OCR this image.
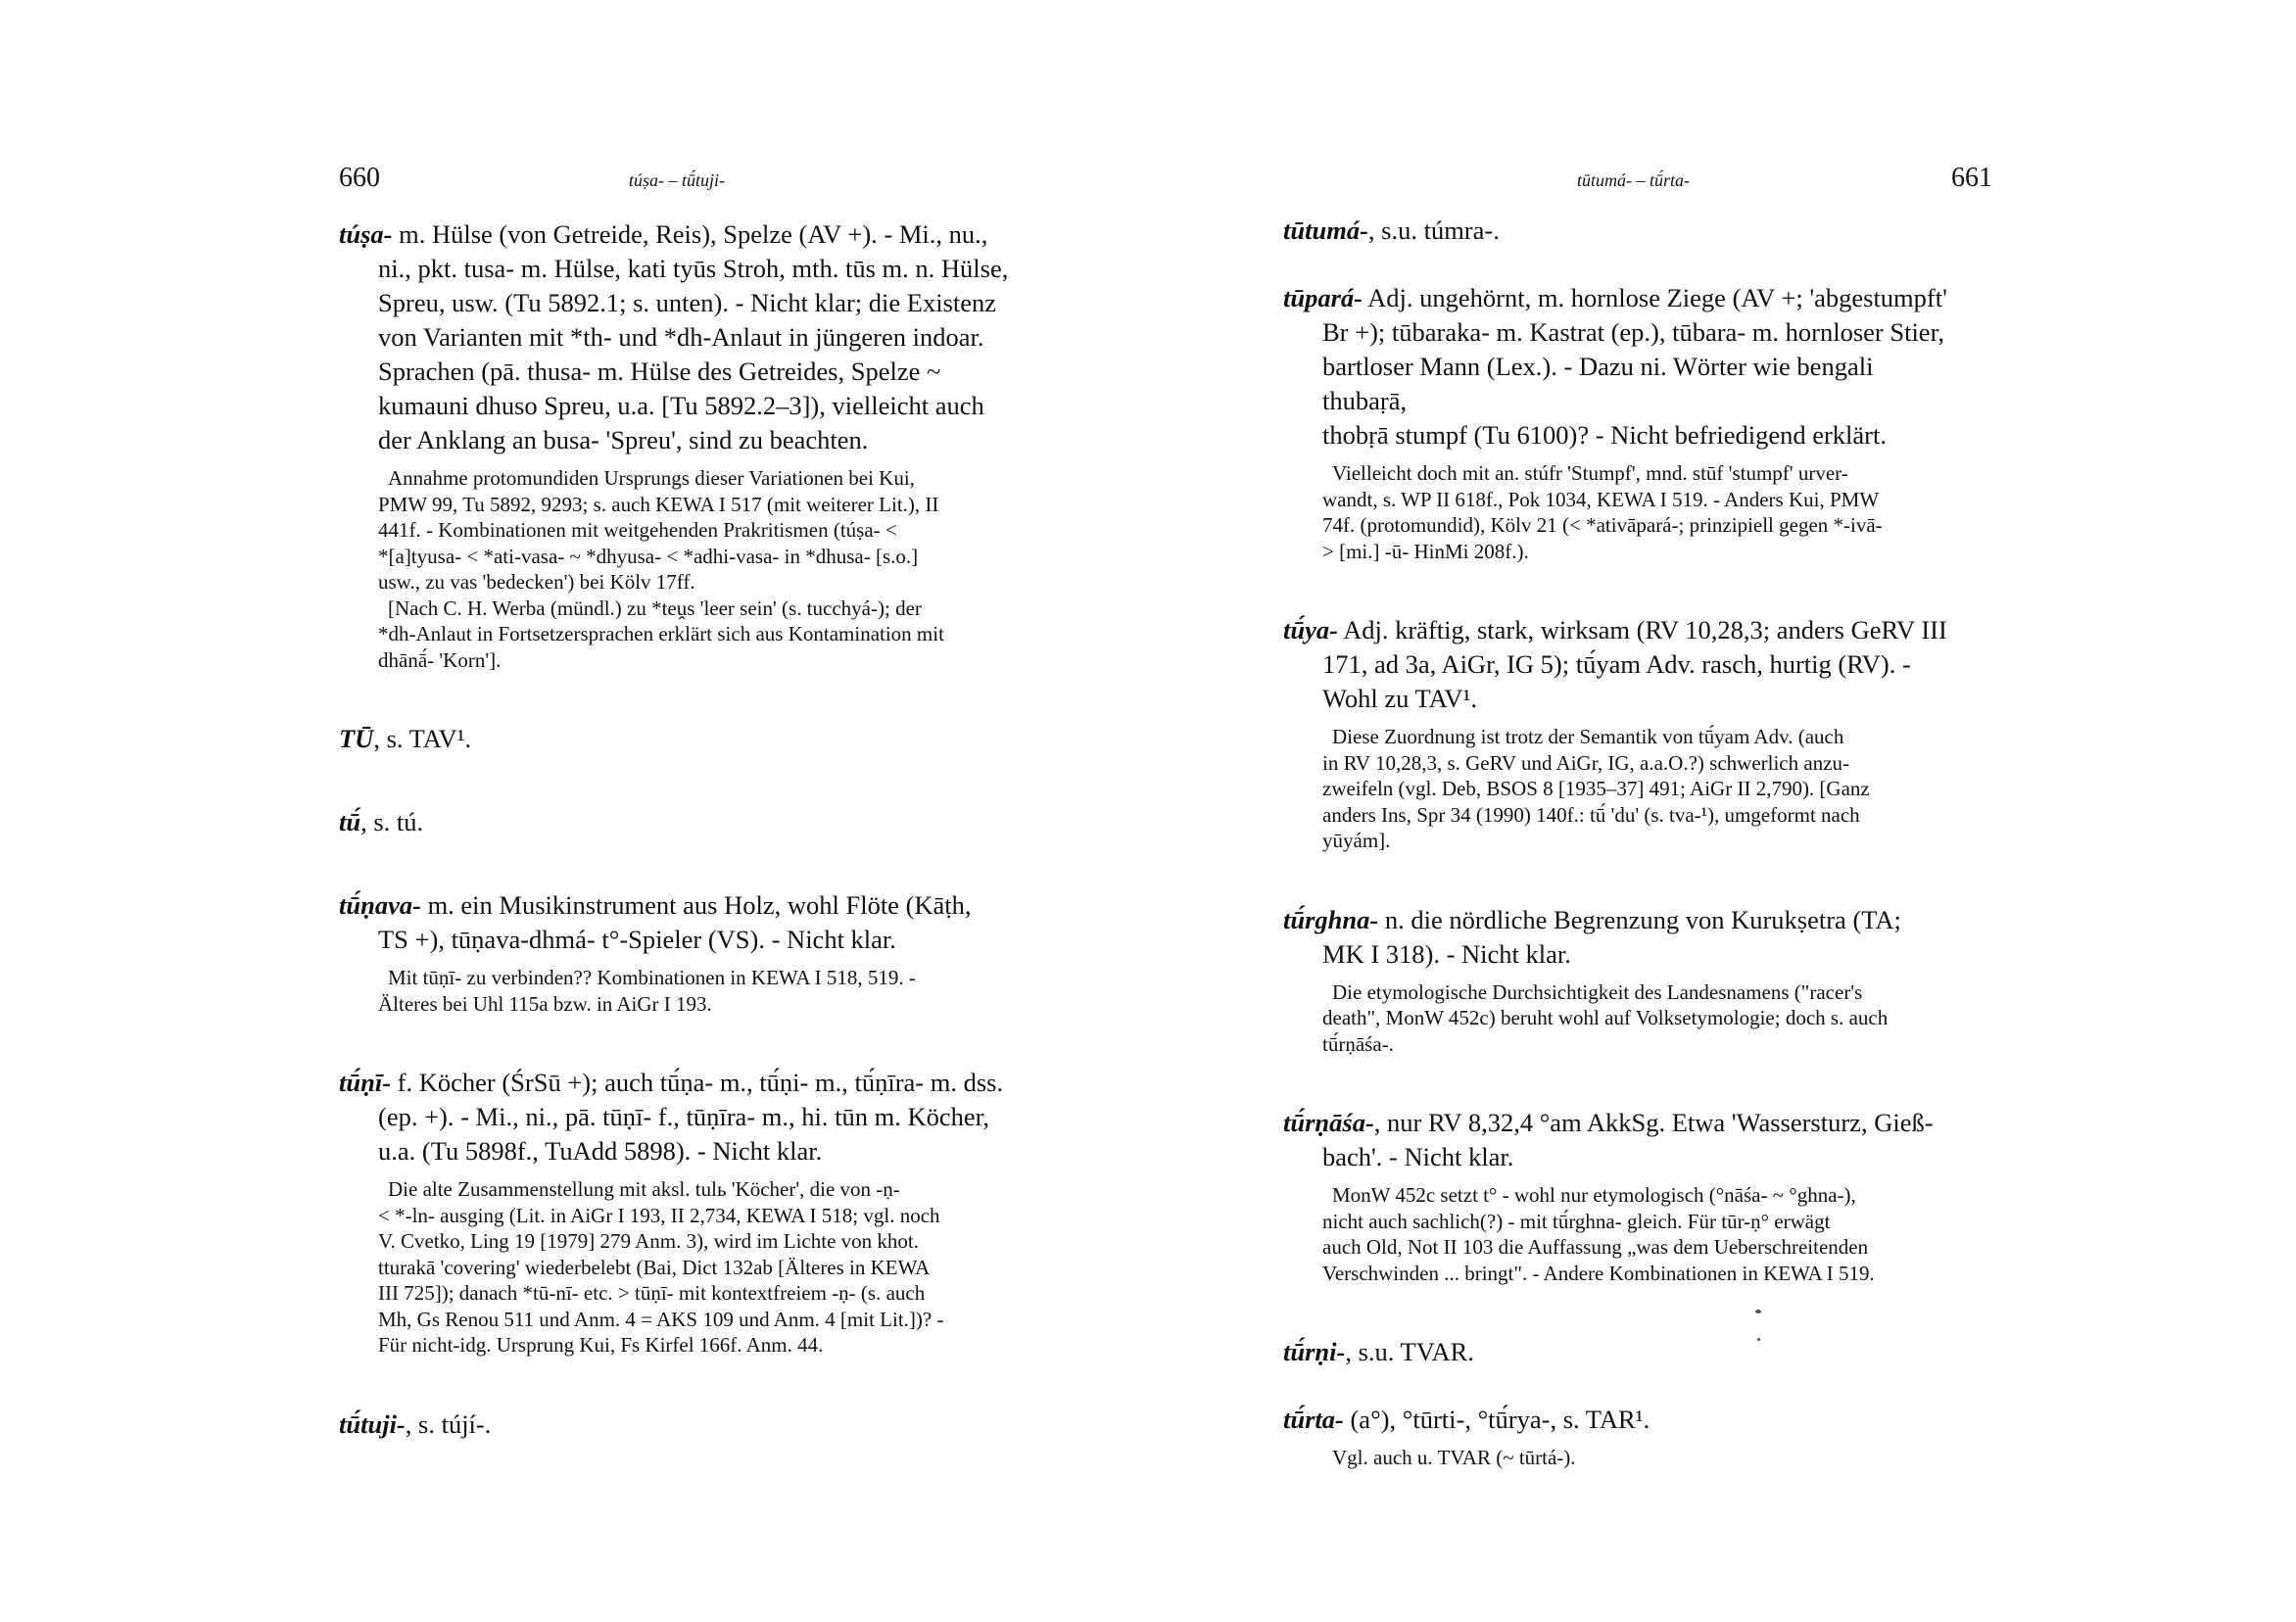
660	túṣa- – tū́tuji-
túṣa- m. Hülse (von Getreide, Reis), Spelze (AV +). - Mi., nu.,
ni., pkt. tusa- m. Hülse, kati tyūs Stroh, mth. tūs m. n. Hülse,
Spreu, usw. (Tu 5892.1; s. unten). - Nicht klar; die Existenz
von Varianten mit *th- und *dh-Anlaut in jüngeren indoar.
Sprachen (pā. thusa- m. Hülse des Getreides, Spelze ~
kumauni dhuso Spreu, u.a. [Tu 5892.2–3]), vielleicht auch
der Anklang an busa- 'Spreu', sind zu beachten.

Annahme protomundiden Ursprungs dieser Variationen bei Kui,

PMW 99, Tu 5892, 9293; s. auch KEWA I 517 (mit weiterer Lit.), II
441f. - Kombinationen mit weitgehenden Prakritismen (túṣa- <
*[a]tyusa- < *ati-vasa- ~ *dhyusa- < *adhi-vasa- in *dhusa- [s.o.]
usw., zu vas 'bedecken') bei Kölv 17ff.

[Nach C. H. Werba (mündl.) zu *teṷs 'leer sein' (s. tucchyá-); der

*dh-Anlaut in Fortsetzersprachen erklärt sich aus Kontamination mit
dhānā́- 'Korn'].
TŪ, s. TAV¹.
tū́, s. tú.
tū́ṇava- m. ein Musikinstrument aus Holz, wohl Flöte (Kāṭh,
TS +), tūṇava-dhmá- t°-Spieler (VS). - Nicht klar.

Mit tūṇī- zu verbinden?? Kombinationen in KEWA I 518, 519. -

Älteres bei Uhl 115a bzw. in AiGr I 193.
tū́ṇī- f. Köcher (ŚrSū +); auch tū́ṇa- m., tū́ṇi- m., tū́ṇīra- m. dss.
(ep. +). - Mi., ni., pā. tūṇī- f., tūṇīra- m., hi. tūn m. Köcher,
u.a. (Tu 5898f., TuAdd 5898). - Nicht klar.

Die alte Zusammenstellung mit aksl. tulь 'Köcher', die von -ṇ-

< *-ln- ausging (Lit. in AiGr I 193, II 2,734, KEWA I 518; vgl. noch
V. Cvetko, Ling 19 [1979] 279 Anm. 3), wird im Lichte von khot.
tturakā 'covering' wiederbelebt (Bai, Dict 132ab [Älteres in KEWA
III 725]); danach *tū-nī- etc. > tūṇī- mit kontextfreiem -ṇ- (s. auch
Mh, Gs Renou 511 und Anm. 4 = AKS 109 und Anm. 4 [mit Lit.])? -
Für nicht-idg. Ursprung Kui, Fs Kirfel 166f. Anm. 44.
tū́tuji-, s. tújí-.
tūtumá- – tū́rta-	661
tūtumá-, s.u. túmra-.
tūpará- Adj. ungehörnt, m. hornlose Ziege (AV +; 'abgestumpft'
Br +); tūbaraka- m. Kastrat (ep.), tūbara- m. hornloser Stier,
bartloser Mann (Lex.). - Dazu ni. Wörter wie bengali thubaṛā,
thobṛā stumpf (Tu 6100)? - Nicht befriedigend erklärt.

Vielleicht doch mit an. stúfr 'Stumpf', mnd. stūf 'stumpf' urver-

wandt, s. WP II 618f., Pok 1034, KEWA I 519. - Anders Kui, PMW
74f. (protomundid), Kölv 21 (< *ativāpará-; prinzipiell gegen *-ivā-
> [mi.] -ū- HinMi 208f.).
tū́ya- Adj. kräftig, stark, wirksam (RV 10,28,3; anders GeRV III
171, ad 3a, AiGr, IG 5); tū́yam Adv. rasch, hurtig (RV). -
Wohl zu TAV¹.

Diese Zuordnung ist trotz der Semantik von tū́yam Adv. (auch

in RV 10,28,3, s. GeRV und AiGr, IG, a.a.O.?) schwerlich anzu-
zweifeln (vgl. Deb, BSOS 8 [1935–37] 491; AiGr II 2,790). [Ganz
anders Ins, Spr 34 (1990) 140f.: tū́ 'du' (s. tva-¹), umgeformt nach
yūyám].
tū́rghna- n. die nördliche Begrenzung von Kurukṣetra (TA;
MK I 318). - Nicht klar.

Die etymologische Durchsichtigkeit des Landesnamens ("racer's

death", MonW 452c) beruht wohl auf Volksetymologie; doch s. auch
tū́rṇāśa-.
tū́rṇāśa-, nur RV 8,32,4 °am AkkSg. Etwa 'Wassersturz, Gieß-
bach'. - Nicht klar.

MonW 452c setzt t° - wohl nur etymologisch (°nāśa- ~ °ghna-),

nicht auch sachlich(?) - mit tū́rghna- gleich. Für tūr-ṇ° erwägt
auch Old, Not II 103 die Auffassung „was dem Ueberschreitenden
Verschwinden ... bringt". - Andere Kombinationen in KEWA I 519.
tū́rṇi-, s.u. TVAR.
tū́rta- (a°), °tūrti-, °tū́rya-, s. TAR¹.

Vgl. auch u. TVAR (~ tūrtá-).
